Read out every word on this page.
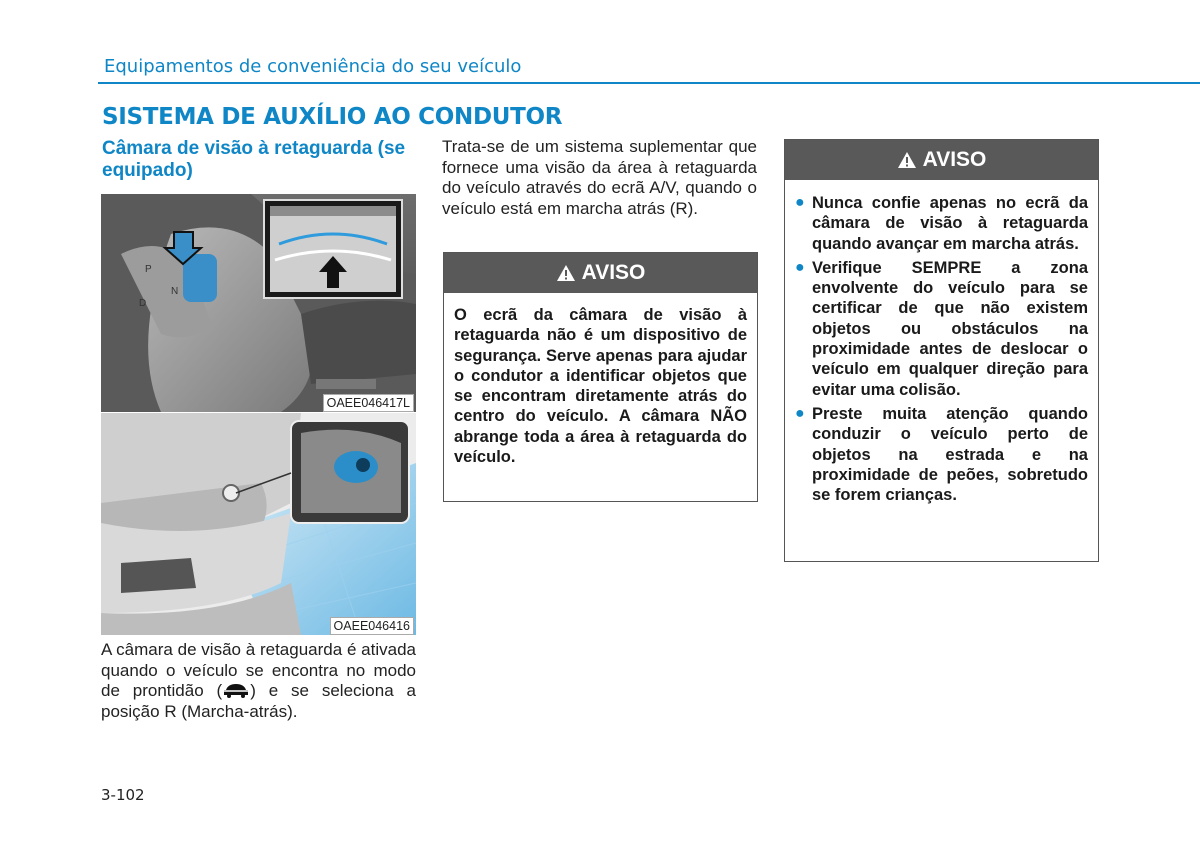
Equipamentos de conveniência do seu veículo
SISTEMA DE AUXÍLIO AO CONDUTOR
Câmara de visão à retaguarda (se equipado)
P
D
N
OAEE046417L
OAEE046416
A câmara de visão à retaguarda é ativada quando o veículo se encontra no modo de prontidão ( ) e se seleciona a posição R (Marcha-atrás).
Trata-se de um sistema suplementar que fornece uma visão da área à retaguarda do veículo através do ecrã A/V, quando o veículo está em marcha atrás (R).
AVISO
O ecrã da câmara de visão à retaguarda não é um dispositivo de segurança. Serve apenas para ajudar o condutor a identificar objetos que se encontram diretamente atrás do centro do veículo. A câmara NÃO abrange toda a área à retaguarda do veículo.
AVISO
● Nunca confie apenas no ecrã da câmara de visão à retaguarda quando avançar em marcha atrás.
● Verifique SEMPRE a zona envolvente do veículo para se certificar de que não existem objetos ou obstáculos na proximidade antes de deslocar o veículo em qualquer direção para evitar uma colisão.
● Preste muita atenção quando conduzir o veículo perto de objetos na estrada e na proximidade de peões, sobretudo se forem crianças.
3-102
